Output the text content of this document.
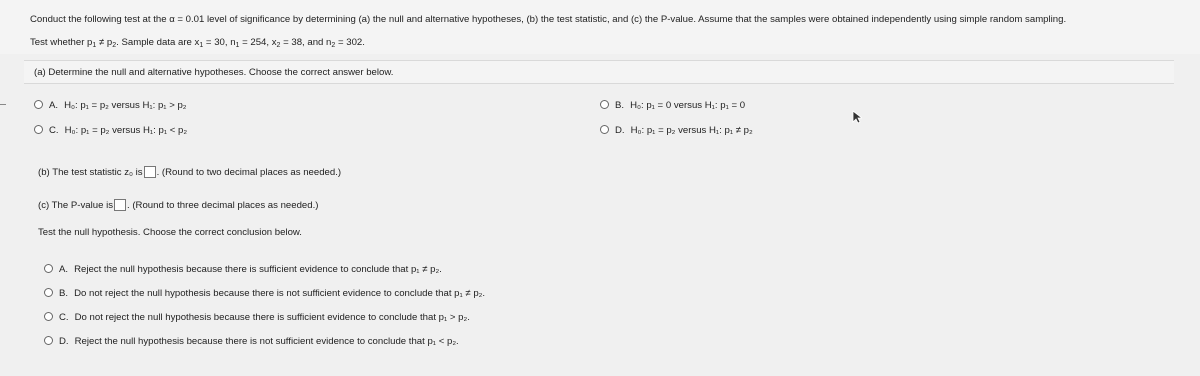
Conduct the following test at the α = 0.01 level of significance by determining (a) the null and alternative hypotheses, (b) the test statistic, and (c) the P-value. Assume that the samples were obtained independently using simple random sampling.
Test whether $p_1 \ne p_2$. Sample data are $x_1 = 30$, $n_1 = 254$, $x_2 = 38$, and $n_2 = 302$.
(a) Determine the null and alternative hypotheses. Choose the correct answer below.
A. H₀: p₁ = p₂ versus H₁: p₁ > p₂
C. H₀: p₁ = p₂ versus H₁: p₁ < p₂
B. H₀: p₁ = 0 versus H₁: p₁ = 0
D. H₀: p₁ = p₂ versus H₁: p₁ ≠ p₂
(b) The test statistic z₀ is . (Round to two decimal places as needed.)
(c) The P-value is . (Round to three decimal places as needed.)
Test the null hypothesis. Choose the correct conclusion below.
A. Reject the null hypothesis because there is sufficient evidence to conclude that p₁ ≠ p₂.
B. Do not reject the null hypothesis because there is not sufficient evidence to conclude that p₁ ≠ p₂.
C. Do not reject the null hypothesis because there is sufficient evidence to conclude that p₁ > p₂.
D. Reject the null hypothesis because there is not sufficient evidence to conclude that p₁ < p₂.
